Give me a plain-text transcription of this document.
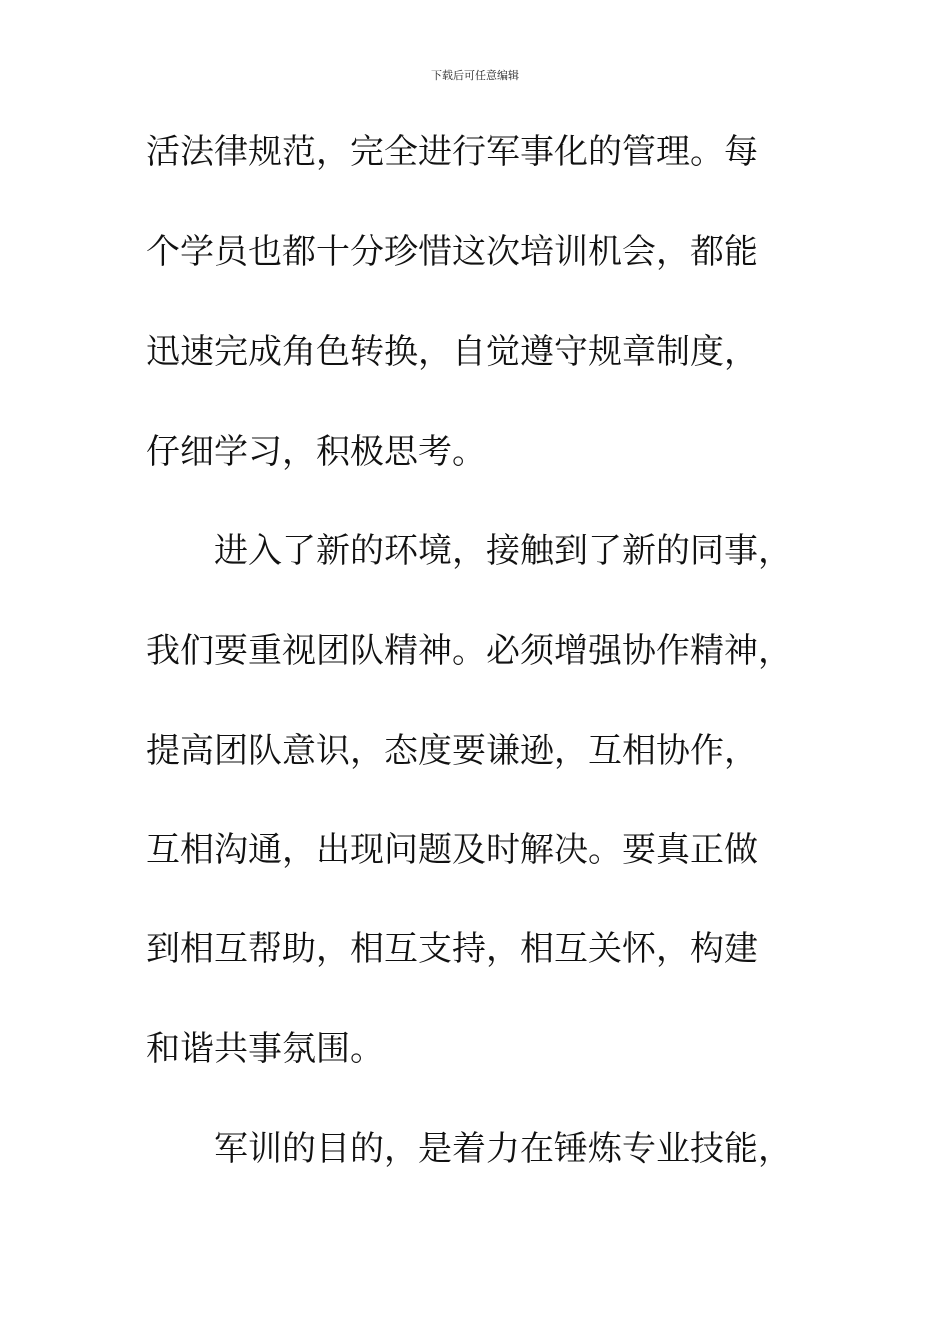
下载后可任意编辑
活法律规范，完全进行军事化的管理。每
个学员也都十分珍惜这次培训机会，都能
迅速完成角色转换，自觉遵守规章制度，
仔细学习，积极思考。
进入了新的环境，接触到了新的同事，
我们要重视团队精神。必须增强协作精神，
提高团队意识，态度要谦逊，互相协作，
互相沟通，出现问题及时解决。要真正做
到相互帮助，相互支持，相互关怀，构建
和谐共事氛围。
军训的目的，是着力在锤炼专业技能，
